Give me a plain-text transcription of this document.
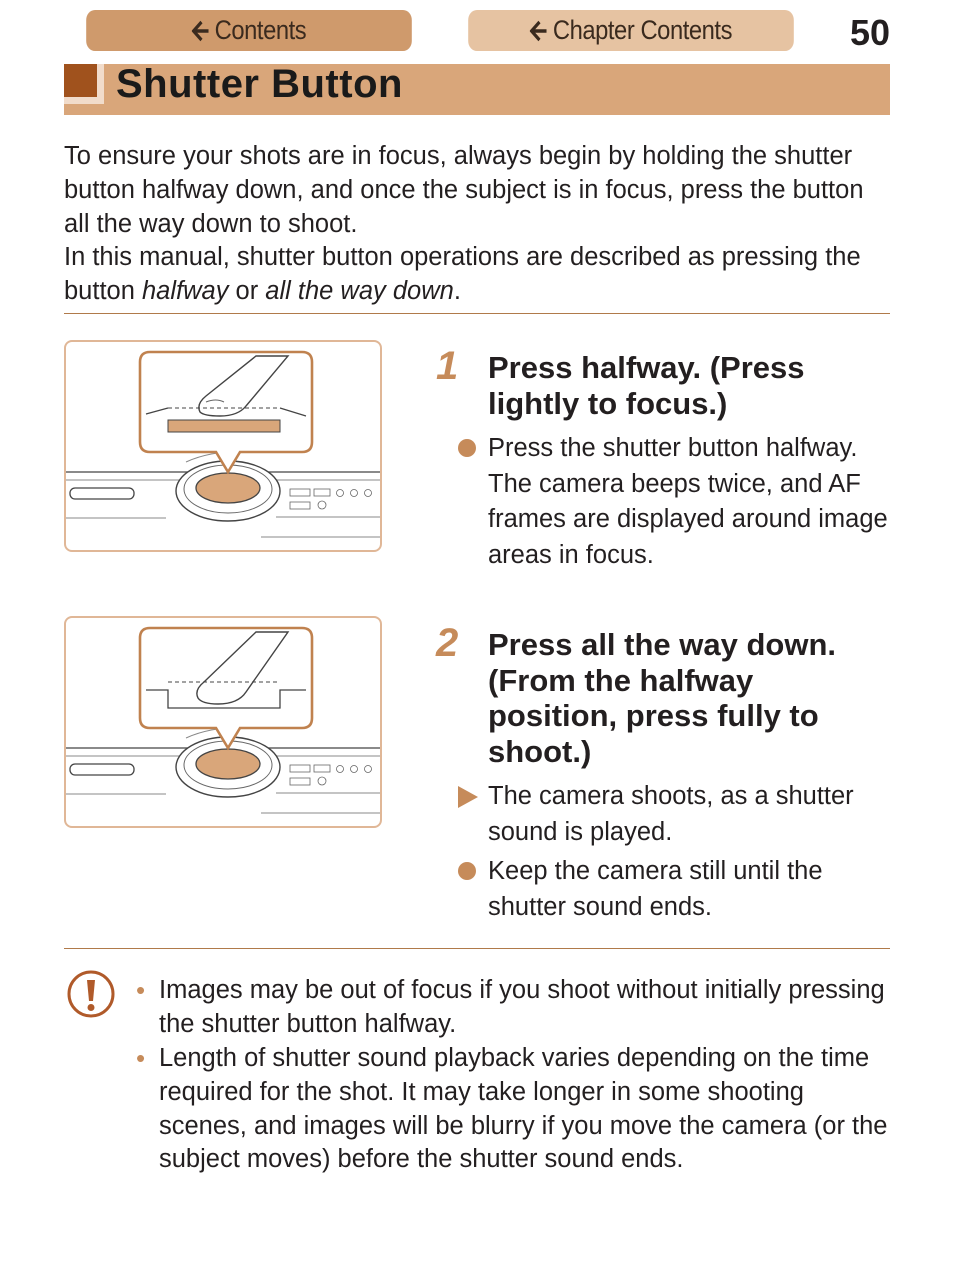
Contents	Chapter Contents	50
Shutter Button

To ensure your shots are in focus, always begin by holding the shutter button halfway down, and once the subject is in focus, press the button all the way down to shoot.

In this manual, shutter button operations are described as pressing the button halfway or all the way down.

1 Press halfway. (Press lightly to focus.)
Press the shutter button halfway. The camera beeps twice, and AF frames are displayed around image areas in focus.
2 Press all the way down. (From the halfway position, press fully to shoot.)
The camera shoots, as a shutter sound is played.
Keep the camera still until the shutter sound ends.
• Images may be out of focus if you shoot without initially pressing the shutter button halfway.
• Length of shutter sound playback varies depending on the time required for the shot. It may take longer in some shooting scenes, and images will be blurry if you move the camera (or the subject moves) before the shutter sound ends.
